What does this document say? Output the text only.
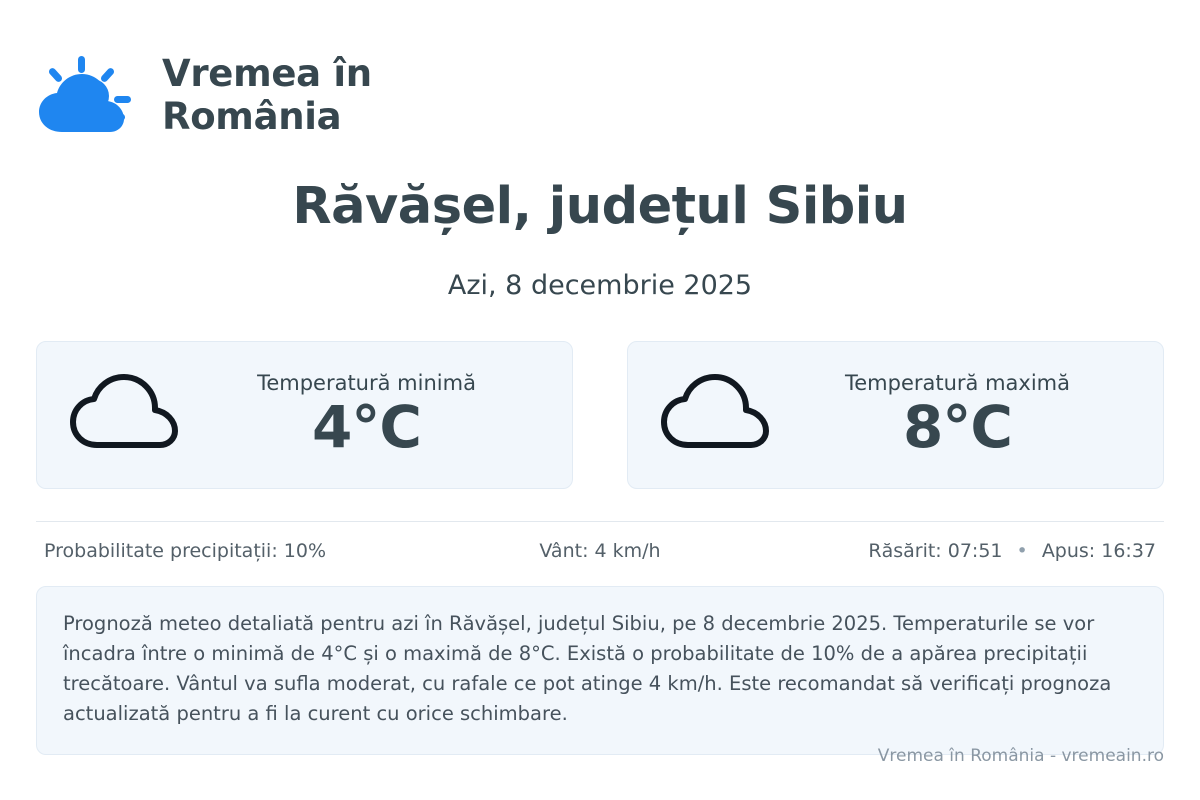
Vremea în
România
Răvășel, județul Sibiu
Azi, 8 decembrie 2025
Temperatură minimă
4°C
Temperatură maximă
8°C
Probabilitate precipitații: 10%	Vânt: 4 km/h	Răsărit: 07:51 • Apus: 16:37
Prognoză meteo detaliată pentru azi în Răvășel, județul Sibiu, pe 8 decembrie 2025. Temperaturile se vor încadra între o minimă de 4°C și o maximă de 8°C. Există o probabilitate de 10% de a apărea precipitații trecătoare. Vântul va sufla moderat, cu rafale ce pot atinge 4 km/h. Este recomandat să verificați prognoza actualizată pentru a fi la curent cu orice schimbare.
Vremea în România - vremeain.ro
